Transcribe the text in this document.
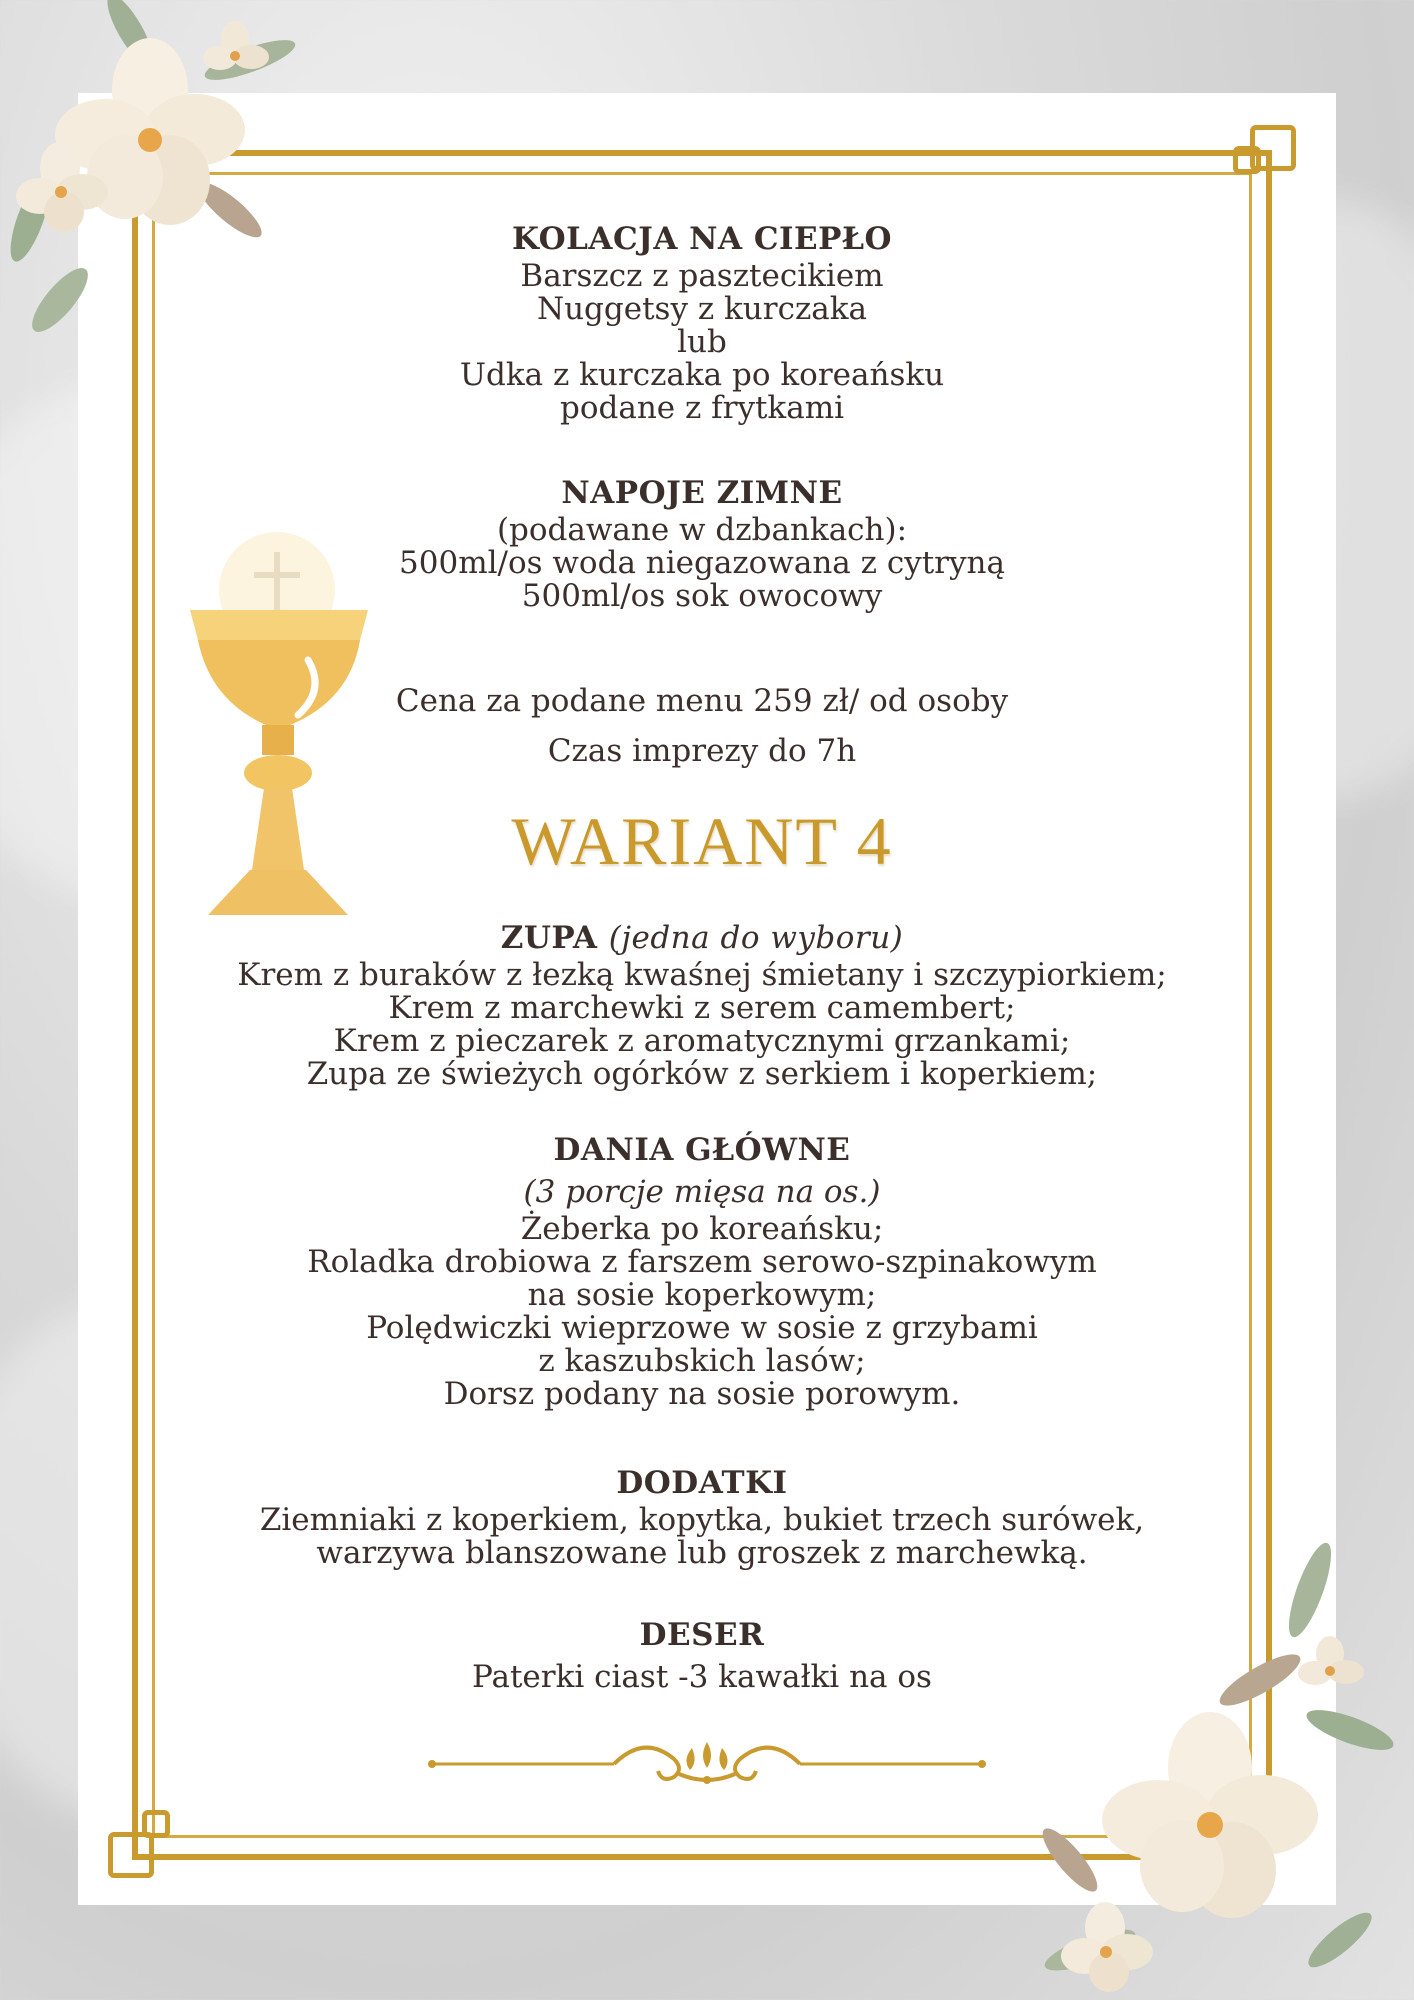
KOLACJA NA CIEPŁO

Barszcz z pasztecikiem

Nuggetsy z kurczaka

lub

Udka z kurczaka po koreańsku

podane z frytkami

NAPOJE ZIMNE

(podawane w dzbankach):

500ml/os woda niegazowana z cytryną

500ml/os sok owocowy

Cena za podane menu 259 zł/ od osoby

Czas imprezy do 7h

WARIANT 4

ZUPA (jedna do wyboru)

Krem z buraków z łezką kwaśnej śmietany i szczypiorkiem;

Krem z marchewki z serem camembert;

Krem z pieczarek z aromatycznymi grzankami;

Zupa ze świeżych ogórków z serkiem i koperkiem;

DANIA GŁÓWNE

(3 porcje mięsa na os.)

Żeberka po koreańsku;

Roladka drobiowa z farszem serowo-szpinakowym

na sosie koperkowym;

Polędwiczki wieprzowe w sosie z grzybami

z kaszubskich lasów;

Dorsz podany na sosie porowym.

DODATKI

Ziemniaki z koperkiem, kopytka, bukiet trzech surówek,

warzywa blanszowane lub groszek z marchewką.

DESER

Paterki ciast -3 kawałki na os
